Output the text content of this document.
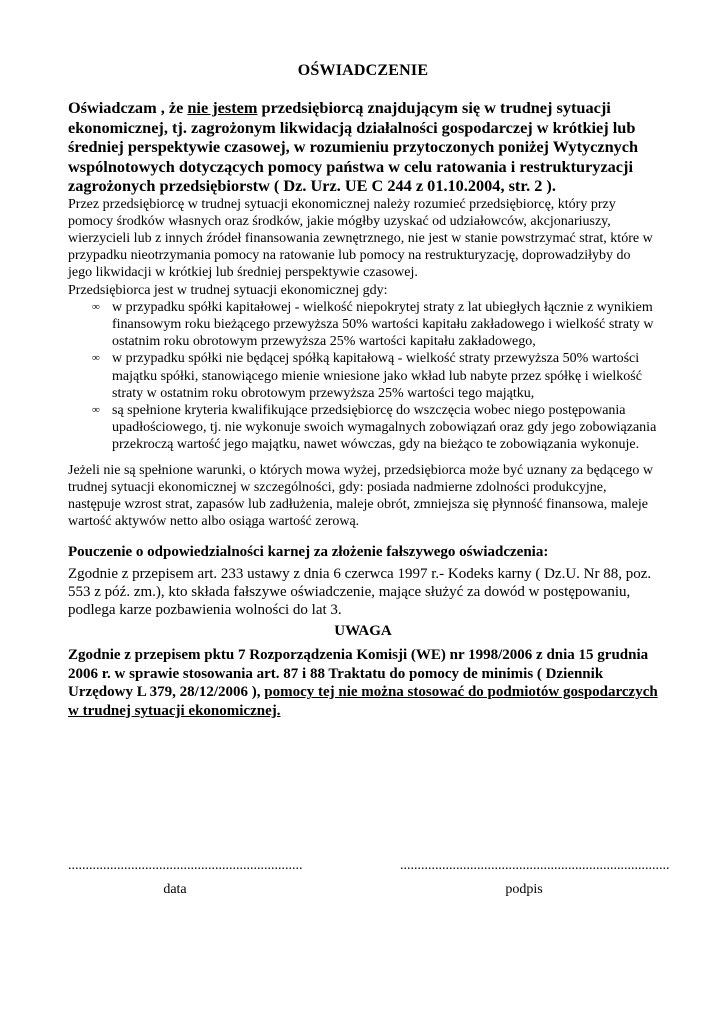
OŚWIADCZENIE

Oświadczam , że nie jestem przedsiębiorcą znajdującym się w trudnej sytuacji ekonomicznej, tj. zagrożonym likwidacją działalności gospodarczej w krótkiej lub średniej perspektywie czasowej, w rozumieniu przytoczonych poniżej Wytycznych wspólnotowych dotyczących pomocy państwa w celu ratowania i restrukturyzacji zagrożonych przedsiębiorstw ( Dz. Urz. UE C 244 z 01.10.2004, str. 2 ).

Przez przedsiębiorcę w trudnej sytuacji ekonomicznej należy rozumieć przedsiębiorcę, który przy pomocy środków własnych oraz środków, jakie mógłby uzyskać od udziałowców, akcjonariuszy, wierzycieli lub z innych źródeł finansowania zewnętrznego, nie jest w stanie powstrzymać strat, które w przypadku nieotrzymania pomocy na ratowanie lub pomocy na restrukturyzację, doprowadziłyby do jego likwidacji w krótkiej lub średniej perspektywie czasowej.

Przedsiębiorca jest w trudnej sytuacji ekonomicznej gdy:

∞ w przypadku spółki kapitałowej - wielkość niepokrytej straty z lat ubiegłych łącznie z wynikiem finansowym roku bieżącego przewyższa 50% wartości kapitału zakładowego i wielkość straty w ostatnim roku obrotowym przewyższa 25% wartości kapitału zakładowego,
∞ w przypadku spółki nie będącej spółką kapitałową - wielkość straty przewyższa 50% wartości majątku spółki, stanowiącego mienie wniesione jako wkład lub nabyte przez spółkę i wielkość straty w ostatnim roku obrotowym przewyższa 25% wartości tego majątku,
∞ są spełnione kryteria kwalifikujące przedsiębiorcę do wszczęcia wobec niego postępowania upadłościowego, tj. nie wykonuje swoich wymagalnych zobowiązań oraz gdy jego zobowiązania przekroczą wartość jego majątku, nawet wówczas, gdy na bieżąco te zobowiązania wykonuje.

Jeżeli nie są spełnione warunki, o których mowa wyżej, przedsiębiorca może być uznany za będącego w trudnej sytuacji ekonomicznej w szczególności, gdy: posiada nadmierne zdolności produkcyjne, następuje wzrost strat, zapasów lub zadłużenia, maleje obrót, zmniejsza się płynność finansowa, maleje wartość aktywów netto albo osiąga wartość zerową.

Pouczenie o odpowiedzialności karnej za złożenie fałszywego oświadczenia:

Zgodnie z przepisem art. 233 ustawy z dnia 6 czerwca 1997 r.- Kodeks karny ( Dz.U. Nr 88, poz. 553 z póź. zm.), kto składa fałszywe oświadczenie, mające służyć za dowód w postępowaniu, podlega karze pozbawienia wolności do lat 3.

UWAGA

Zgodnie z przepisem pktu 7 Rozporządzenia Komisji (WE) nr 1998/2006 z dnia 15 grudnia 2006 r. w sprawie stosowania art. 87 i 88 Traktatu do pomocy de minimis ( Dziennik Urzędowy L 379, 28/12/2006 ), pomocy tej nie można stosować do podmiotów gospodarczych w trudnej sytuacji ekonomicznej.

...................................................................
data
.............................................................................
podpis
